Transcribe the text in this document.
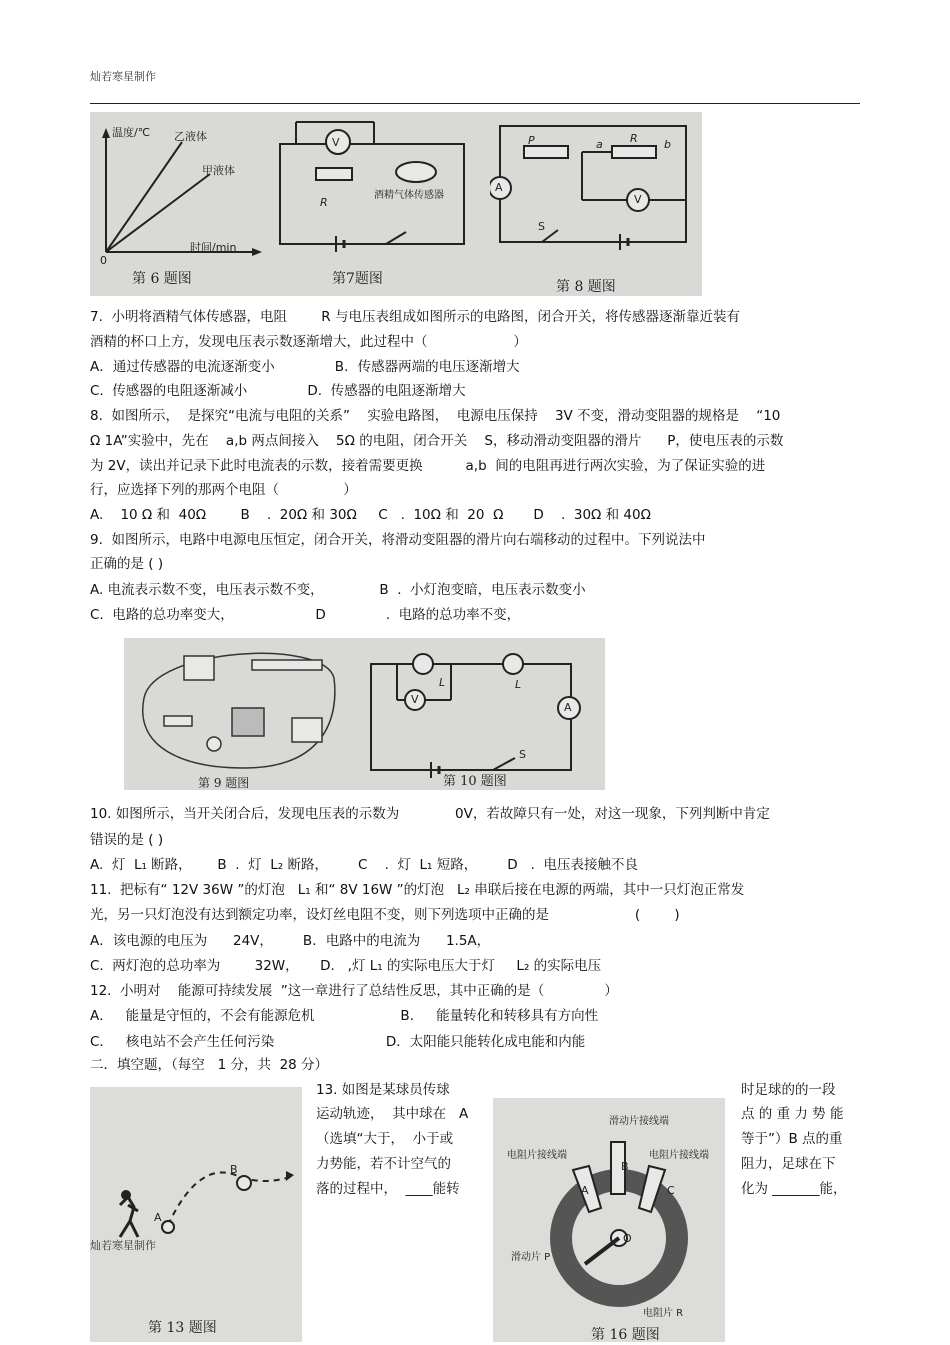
灿若寒星制作
温度/℃ 乙液体
甲液体
0
时间/min
第 6 题图
V
R
酒精气体传感器
第7题图
P	a R b
A
V
S
第 8 题图
7.  小明将酒精气体传感器，电阻        R 与电压表组成如图所示的电路图，闭合开关，将传感器逐渐靠近装有
酒精的杯口上方，发现电压表示数逐渐增大，此过程中（                    ）
A．通过传感器的电流逐渐变小              B．传感器两端的电压逐渐增大
C.  传感器的电阻逐渐减小              D.  传感器的电阻逐渐增大
8.  如图所示，  是探究“电流与电阻的关系”    实验电路图，  电源电压保持    3V 不变，滑动变阻器的规格是    “10
Ω 1A”实验中，先在    a,b 两点间接入    5Ω 的电阻，闭合开关    S，移动滑动变阻器的滑片      P，使电压表的示数
为 2V，读出并记录下此时电流表的示数，接着需要更换          a,b  间的电阻再进行两次实验，为了保证实验的进
行，应选择下列的那两个电阻（               ）
A.    10 Ω 和  40Ω        B    .  20Ω 和 30Ω     C   .  10Ω 和  20  Ω       D    .  30Ω 和 40Ω
9.  如图所示，电路中电源电压恒定，闭合开关，将滑动变阻器的滑片向右端移动的过程中。下列说法中
正确的是 ( )
A. 电流表示数不变，电压表示数不变，             B  .  小灯泡变暗，电压表示数变小
C.  电路的总功率变大，                   D              .  电路的总功率不变，
第 9 题图
L	L
V
A
S
第 10 题图
10. 如图所示，当开关闭合后，发现电压表的示数为             0V，若故障只有一处，对这一现象，下列判断中肯定
错误的是 ( )
A.  灯  L₁ 断路，      B  .  灯  L₂ 断路，       C    .  灯  L₁ 短路，       D   .  电压表接触不良
11.  把标有“ 12V 36W ”的灯泡   L₁ 和“ 8V 16W ”的灯泡   L₂ 串联后接在电源的两端，其中一只灯泡正常发
光，另一只灯泡没有达到额定功率，设灯丝电阻不变，则下列选项中正确的是                    (        )
A．该电源的电压为      24V，       B．电路中的电流为      1.5A，
C.  两灯泡的总功率为        32W，     D.   ,灯 L₁ 的实际电压大于灯     L₂ 的实际电压
12.  小明对    能源可持续发展  ”这一章进行了总结性反思，其中正确的是（              ）
A．   能量是守恒的，不会有能源危机                    B．   能量转化和转移具有方向性
C．   核电站不会产生任何污染                          D．太阳能只能转化成电能和内能
二．填空题，（每空   1 分，共  28 分）
A
B
灿若寒星制作
第 13 题图
13. 如图是某球员传球
运动轨迹，  其中球在   A
（选填“大于，  小于或
力势能，若不计空气的
落的过程中，  ____能转
滑动片接线端
电阻片接线端	电阻片接线端
A
B
C
O
滑动片 P
电阻片 R
第 16 题图
时足球的的一段
点 的 重 力 势 能
等于”）B 点的重
阻力，足球在下
化为 _______能，
